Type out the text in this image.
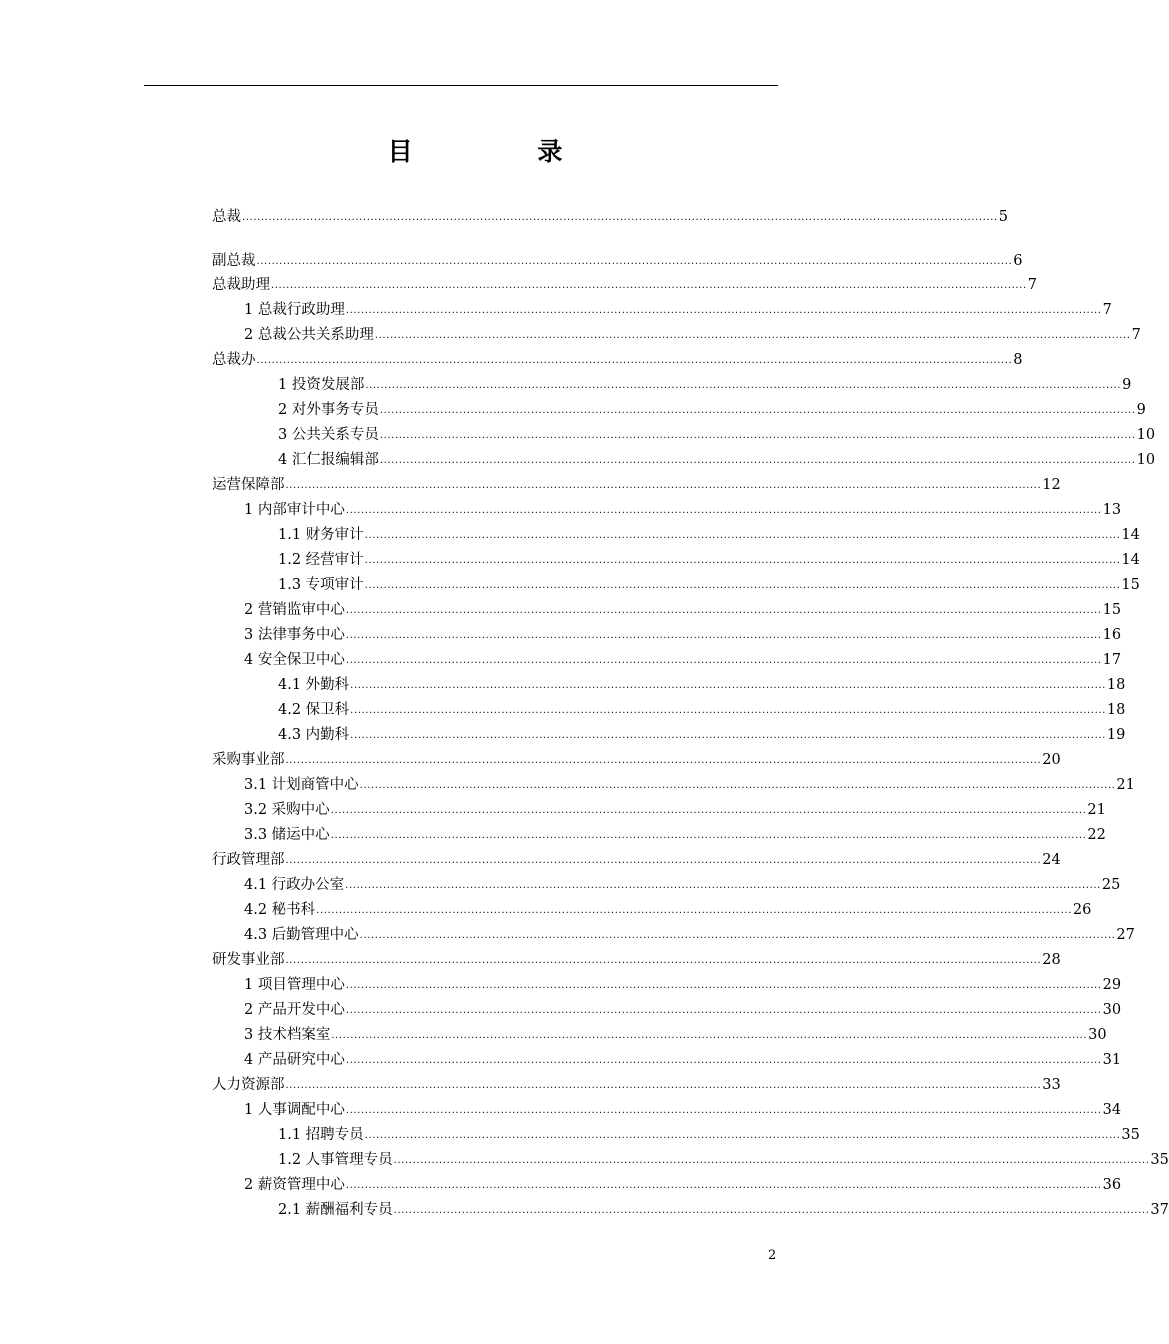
目 录
总裁 ........................................................................................................................................................................................................ 5
副总裁 ........................................................................................................................................................................................................ 6
总裁助理 ........................................................................................................................................................................................................ 7
1 总裁行政助理 ........................................................................................................................................................................................................ 7
2 总裁公共关系助理 ........................................................................................................................................................................................................ 7
总裁办 ........................................................................................................................................................................................................ 8
1 投资发展部 ........................................................................................................................................................................................................ 9
2 对外事务专员 ........................................................................................................................................................................................................ 9
3 公共关系专员 ........................................................................................................................................................................................................ 10
4 汇仁报编辑部 ........................................................................................................................................................................................................ 10
运营保障部 ........................................................................................................................................................................................................ 12
1 内部审计中心 ........................................................................................................................................................................................................ 13
1.1 财务审计 ........................................................................................................................................................................................................ 14
1.2 经营审计 ........................................................................................................................................................................................................ 14
1.3 专项审计 ........................................................................................................................................................................................................ 15
2 营销监审中心 ........................................................................................................................................................................................................ 15
3 法律事务中心 ........................................................................................................................................................................................................ 16
4 安全保卫中心 ........................................................................................................................................................................................................ 17
4.1 外勤科 ........................................................................................................................................................................................................ 18
4.2 保卫科 ........................................................................................................................................................................................................ 18
4.3 内勤科 ........................................................................................................................................................................................................ 19
采购事业部 ........................................................................................................................................................................................................ 20
3.1 计划商管中心 ........................................................................................................................................................................................................ 21
3.2 采购中心 ........................................................................................................................................................................................................ 21
3.3 储运中心 ........................................................................................................................................................................................................ 22
行政管理部 ........................................................................................................................................................................................................ 24
4.1 行政办公室 ........................................................................................................................................................................................................ 25
4.2 秘书科 ........................................................................................................................................................................................................ 26
4.3 后勤管理中心 ........................................................................................................................................................................................................ 27
研发事业部 ........................................................................................................................................................................................................ 28
1 项目管理中心 ........................................................................................................................................................................................................ 29
2 产品开发中心 ........................................................................................................................................................................................................ 30
3 技术档案室 ........................................................................................................................................................................................................ 30
4 产品研究中心 ........................................................................................................................................................................................................ 31
人力资源部 ........................................................................................................................................................................................................ 33
1 人事调配中心 ........................................................................................................................................................................................................ 34
1.1 招聘专员 ........................................................................................................................................................................................................ 35
1.2 人事管理专员 ........................................................................................................................................................................................................ 35
2 薪资管理中心 ........................................................................................................................................................................................................ 36
2.1 薪酬福利专员 ........................................................................................................................................................................................................ 37
2
